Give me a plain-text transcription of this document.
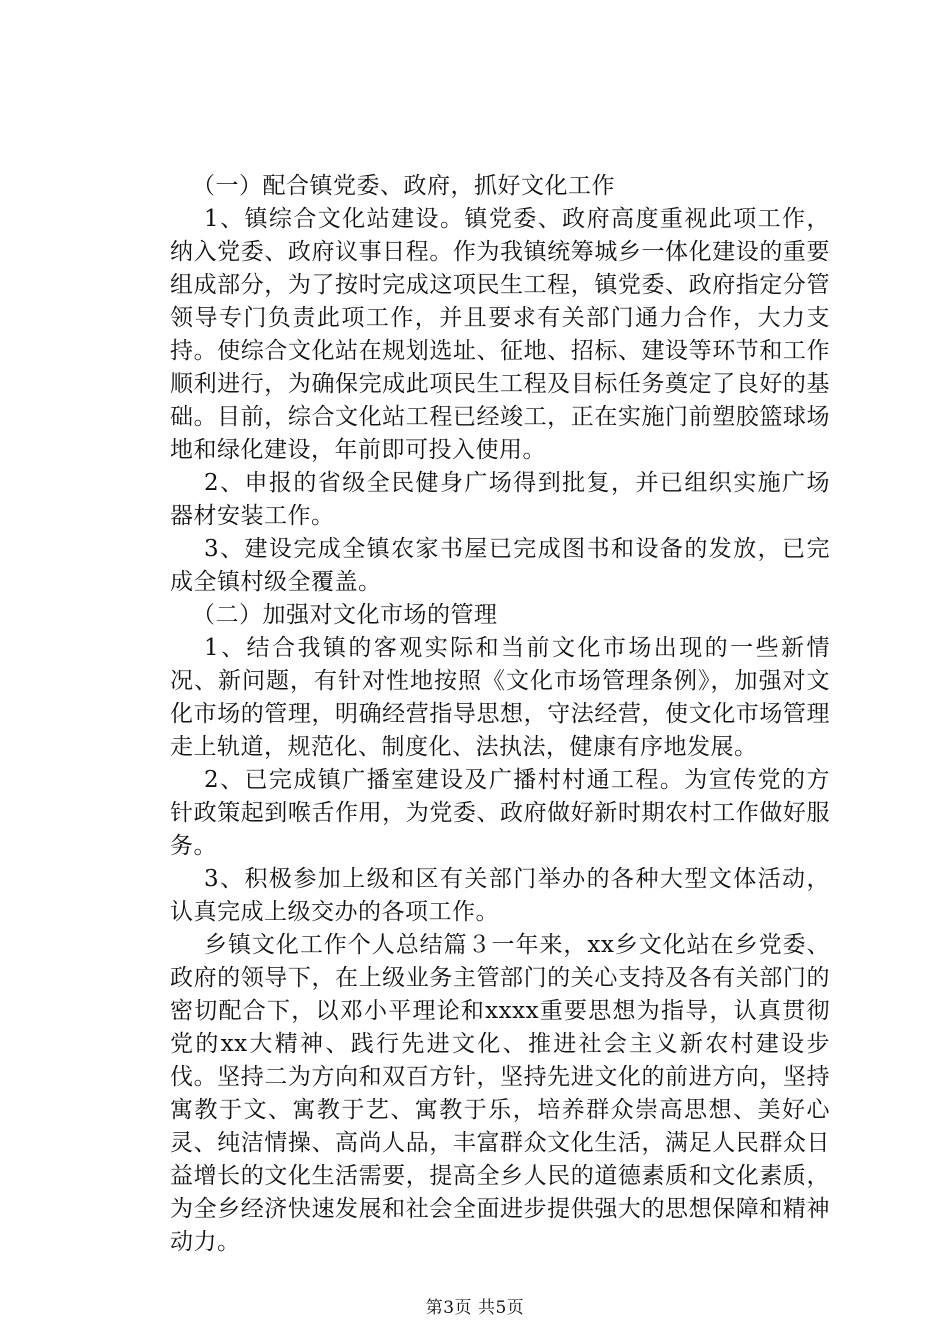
（一）配合镇党委、政府，抓好文化工作

1、镇综合文化站建设。镇党委、政府高度重视此项工作，纳入党委、政府议事日程。作为我镇统筹城乡一体化建设的重要组成部分，为了按时完成这项民生工程，镇党委、政府指定分管领导专门负责此项工作，并且要求有关部门通力合作，大力支持。使综合文化站在规划选址、征地、招标、建设等环节和工作顺利进行，为确保完成此项民生工程及目标任务奠定了良好的基础。目前，综合文化站工程已经竣工，正在实施门前塑胶篮球场地和绿化建设，年前即可投入使用。

2、申报的省级全民健身广场得到批复，并已组织实施广场器材安装工作。

3、建设完成全镇农家书屋已完成图书和设备的发放，已完成全镇村级全覆盖。

（二）加强对文化市场的管理

1、结合我镇的客观实际和当前文化市场出现的一些新情况、新问题，有针对性地按照《文化市场管理条例》，加强对文化市场的管理，明确经营指导思想，守法经营，使文化市场管理走上轨道，规范化、制度化、法执法，健康有序地发展。

2、已完成镇广播室建设及广播村村通工程。为宣传党的方针政策起到喉舌作用，为党委、政府做好新时期农村工作做好服务。

3、积极参加上级和区有关部门举办的各种大型文体活动，认真完成上级交办的各项工作。

乡镇文化工作个人总结篇３一年来，xx乡文化站在乡党委、政府的领导下，在上级业务主管部门的关心支持及各有关部门的密切配合下，以邓小平理论和xxxx重要思想为指导，认真贯彻党的xx大精神、践行先进文化、推进社会主义新农村建设步伐。坚持二为方向和双百方针，坚持先进文化的前进方向，坚持寓教于文、寓教于艺、寓教于乐，培养群众崇高思想、美好心灵、纯洁情操、高尚人品，丰富群众文化生活，满足人民群众日益增长的文化生活需要，提高全乡人民的道德素质和文化素质，为全乡经济快速发展和社会全面进步提供强大的思想保障和精神动力。

第3页 共5页
